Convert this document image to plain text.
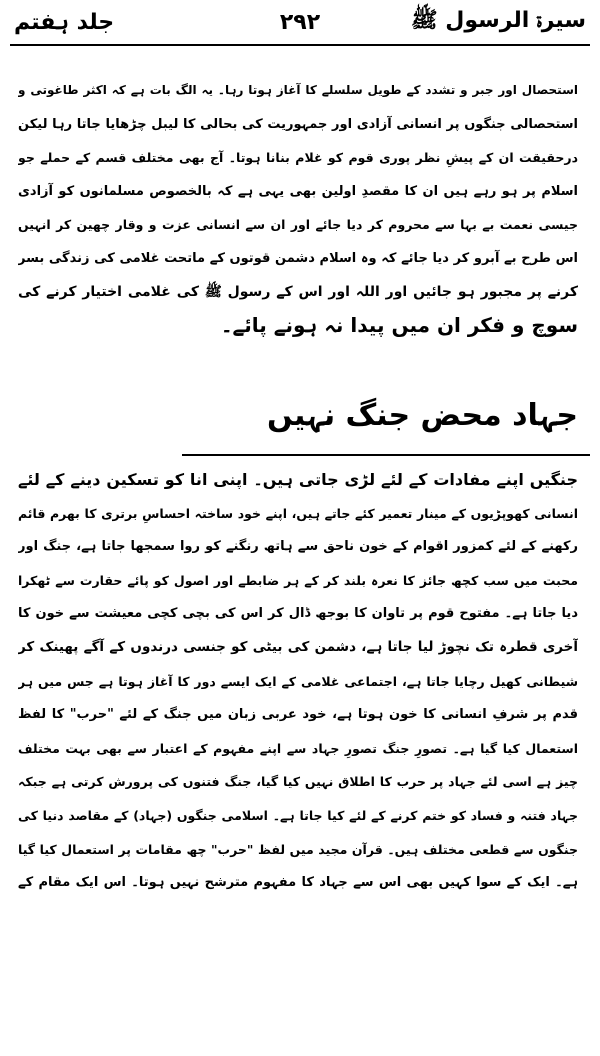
سیرۃ الرسول ﷺ
۲۹۲
جلد ہفتم
استحصال اور جبر و تشدد کے طویل سلسلے کا آغاز ہوتا رہا۔ یہ الگ بات ہے کہ اکثر طاغوتی و
استحصالی جنگوں پر انسانی آزادی اور جمہوریت کی بحالی کا لیبل چڑھایا جاتا رہا لیکن
درحقیقت ان کے پیشِ نظر پوری قوم کو غلام بنانا ہوتا۔ آج بھی مختلف قسم کے حملے جو
اسلام پر ہو رہے ہیں ان کا مقصدِ اولین بھی یہی ہے کہ بالخصوص مسلمانوں کو آزادی
جیسی نعمت بے بہا سے محروم کر دیا جائے اور ان سے انسانی عزت و وقار چھین کر انہیں
اس طرح بے آبرو کر دیا جائے کہ وہ اسلام دشمن قوتوں کے ماتحت غلامی کی زندگی بسر
کرنے پر مجبور ہو جائیں اور اللہ اور اس کے رسول ﷺ کی غلامی اختیار کرنے کی
سوچ و فکر ان میں پیدا نہ ہونے پائے۔
جہاد محض جنگ نہیں
جنگیں اپنے مفادات کے لئے لڑی جاتی ہیں۔ اپنی انا کو تسکین دینے کے لئے
انسانی کھوپڑیوں کے مینار تعمیر کئے جاتے ہیں، اپنے خود ساختہ احساسِ برتری کا بھرم قائم
رکھنے کے لئے کمزور اقوام کے خون ناحق سے ہاتھ رنگنے کو روا سمجھا جاتا ہے، جنگ اور
محبت میں سب کچھ جائز کا نعرہ بلند کر کے ہر ضابطے اور اصول کو پائے حقارت سے ٹھکرا
دیا جاتا ہے۔ مفتوح قوم پر تاوان کا بوجھ ڈال کر اس کی بچی کچی معیشت سے خون کا
آخری قطرہ تک نچوڑ لیا جاتا ہے، دشمن کی بیٹی کو جنسی درندوں کے آگے پھینک کر
شیطانی کھیل رچایا جاتا ہے، اجتماعی غلامی کے ایک ایسے دور کا آغاز ہوتا ہے جس میں ہر
قدم پر شرفِ انسانی کا خون ہوتا ہے، خود عربی زبان میں جنگ کے لئے "حرب" کا لفظ
استعمال کیا گیا ہے۔ تصورِ جنگ تصورِ جہاد سے اپنے مفہوم کے اعتبار سے بھی بہت مختلف
چیز ہے اسی لئے جہاد پر حرب کا اطلاق نہیں کیا گیا، جنگ فتنوں کی پرورش کرتی ہے جبکہ
جہاد فتنہ و فساد کو ختم کرنے کے لئے کیا جاتا ہے۔ اسلامی جنگوں (جہاد) کے مقاصد دنیا کی
جنگوں سے قطعی مختلف ہیں۔ قرآن مجید میں لفظ "حرب" چھ مقامات پر استعمال کیا گیا
ہے۔ ایک کے سوا کہیں بھی اس سے جہاد کا مفہوم مترشح نہیں ہوتا۔ اس ایک مقام کے
